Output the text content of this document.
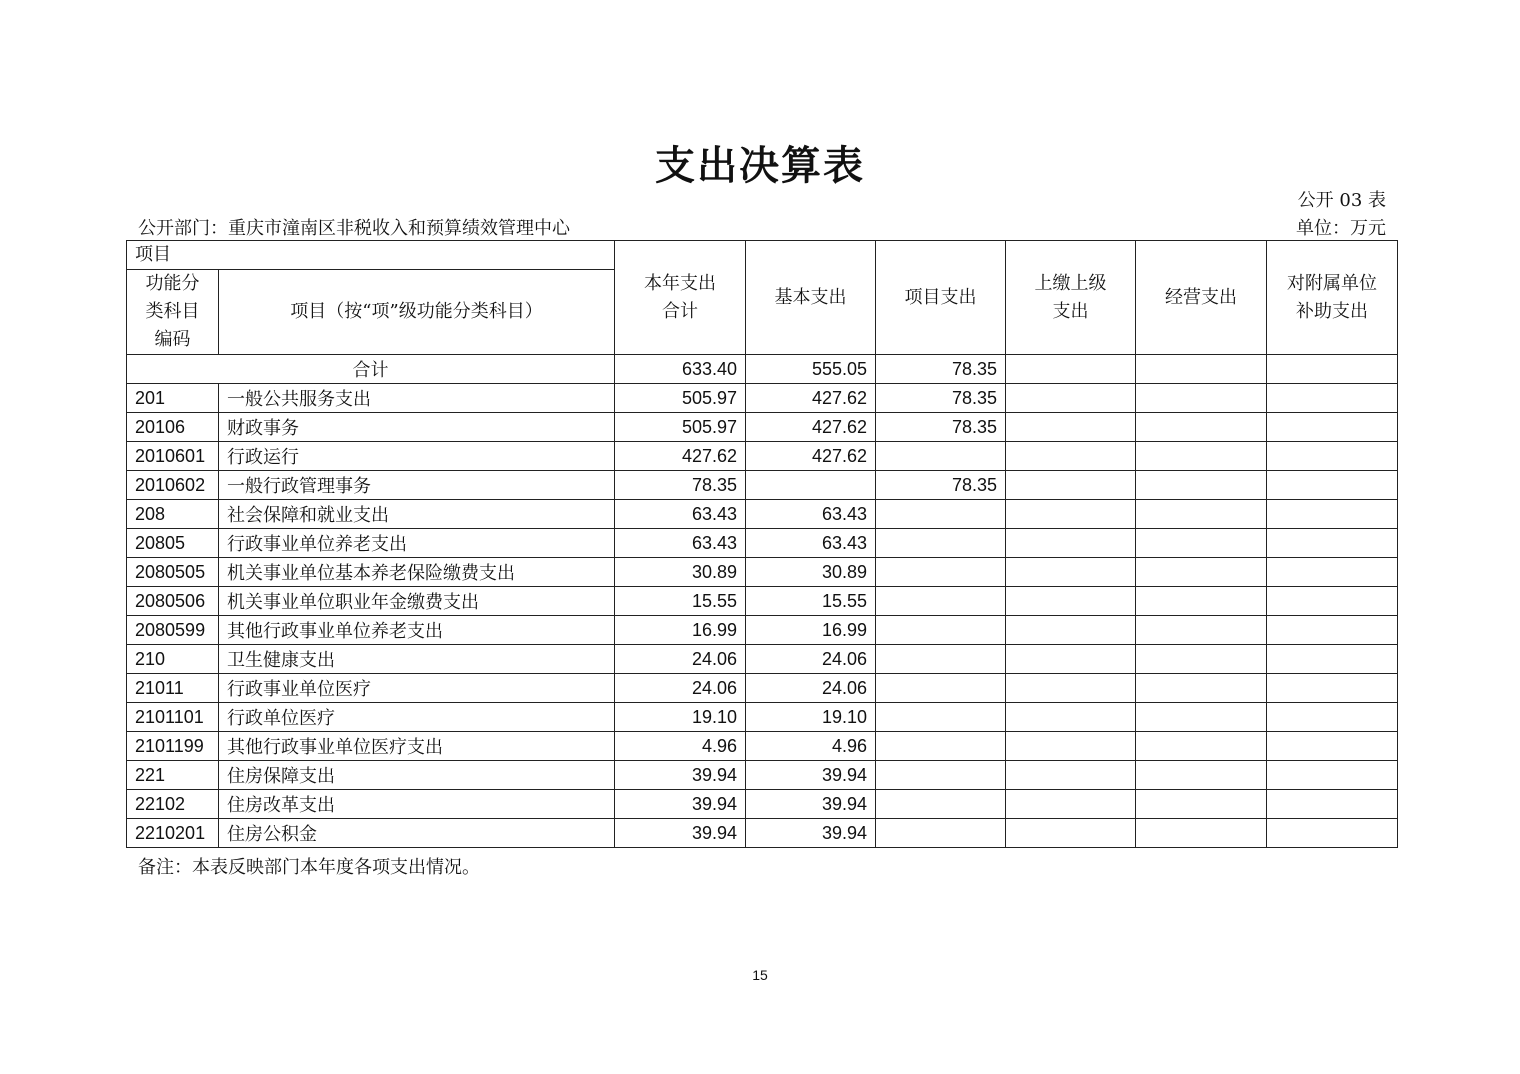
支出决算表
公开 03 表
公开部门：重庆市潼南区非税收入和预算绩效管理中心	单位：万元
项目		本年支出合计	基本支出	项目支出	上缴上级支出	经营支出	对附属单位补助支出
功能分类科目编码	项目（按“项”级功能分类科目）						
合计		633.40	555.05	78.35			
201	一般公共服务支出	505.97	427.62	78.35			
20106	财政事务	505.97	427.62	78.35			
2010601	行政运行	427.62	427.62				
2010602	一般行政管理事务	78.35		78.35			
208	社会保障和就业支出	63.43	63.43				
20805	行政事业单位养老支出	63.43	63.43				
2080505	机关事业单位基本养老保险缴费支出	30.89	30.89				
2080506	机关事业单位职业年金缴费支出	15.55	15.55				
2080599	其他行政事业单位养老支出	16.99	16.99				
210	卫生健康支出	24.06	24.06				
21011	行政事业单位医疗	24.06	24.06				
2101101	行政单位医疗	19.10	19.10				
2101199	其他行政事业单位医疗支出	4.96	4.96				
221	住房保障支出	39.94	39.94				
22102	住房改革支出	39.94	39.94				
2210201	住房公积金	39.94	39.94				
备注：本表反映部门本年度各项支出情况。
15
